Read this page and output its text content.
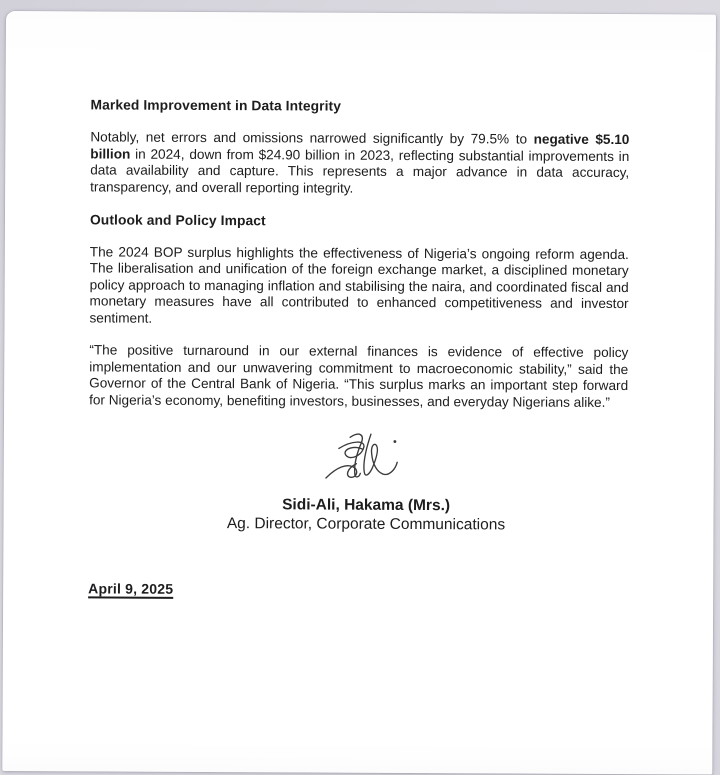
Marked Improvement in Data Integrity

Notably, net errors and omissions narrowed significantly by 79.5% to negative $5.10 billion in 2024, down from $24.90 billion in 2023, reflecting substantial improvements in data availability and capture. This represents a major advance in data accuracy, transparency, and overall reporting integrity.

Outlook and Policy Impact

The 2024 BOP surplus highlights the effectiveness of Nigeria’s ongoing reform agenda. The liberalisation and unification of the foreign exchange market, a disciplined monetary policy approach to managing inflation and stabilising the naira, and coordinated fiscal and monetary measures have all contributed to enhanced competitiveness and investor sentiment.

“The positive turnaround in our external finances is evidence of effective policy implementation and our unwavering commitment to macroeconomic stability,” said the Governor of the Central Bank of Nigeria. “This surplus marks an important step forward for Nigeria’s economy, benefiting investors, businesses, and everyday Nigerians alike.”

Sidi-Ali, Hakama (Mrs.)
Ag. Director, Corporate Communications
April 9, 2025
